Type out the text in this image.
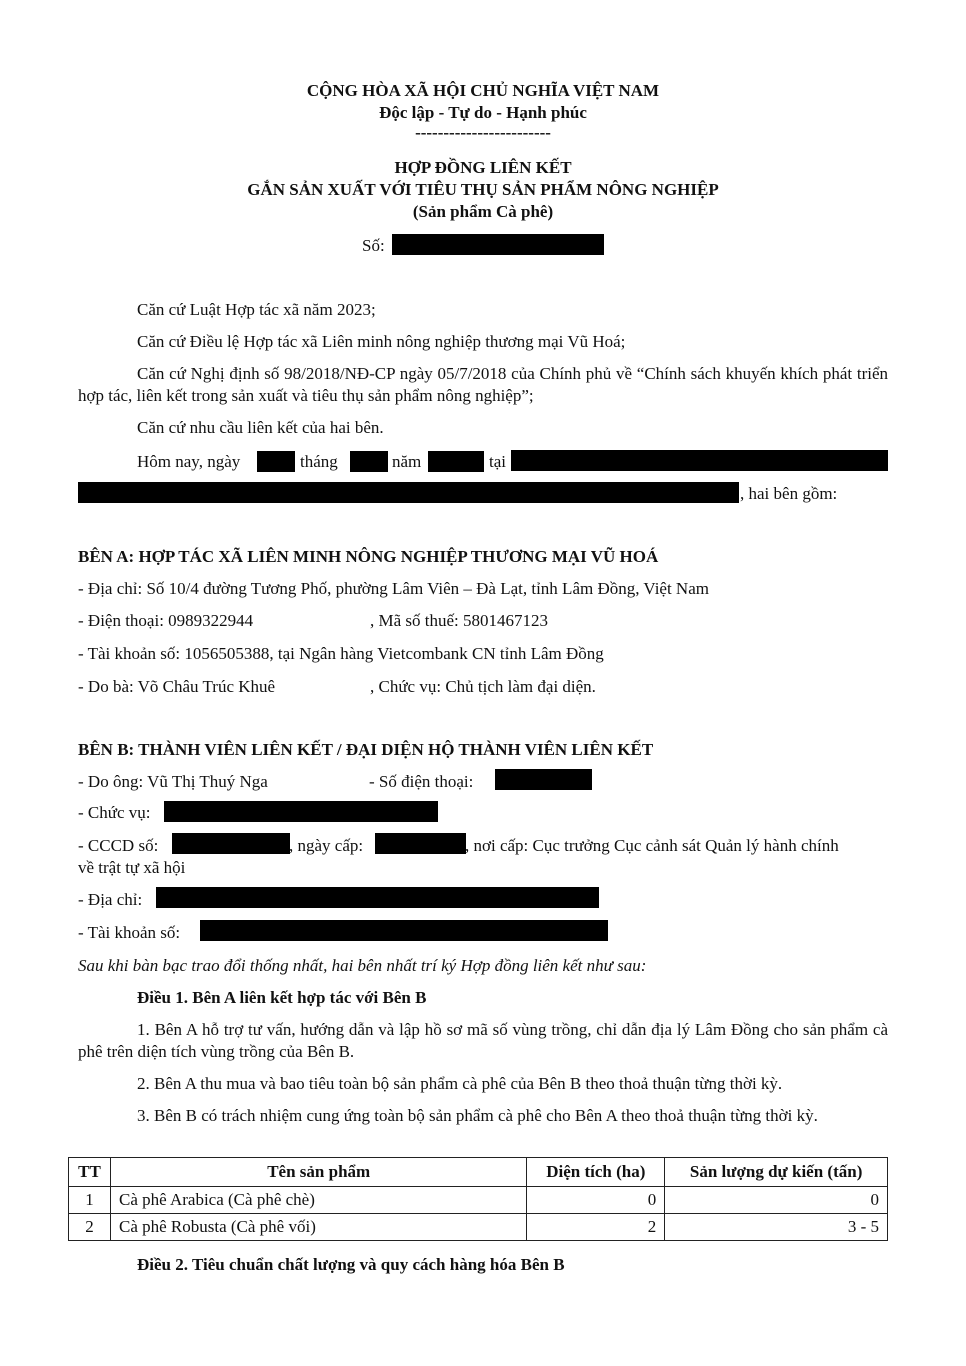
CỘNG HÒA XÃ HỘI CHỦ NGHĨA VIỆT NAM
Độc lập - Tự do - Hạnh phúc
------------------------
HỢP ĐỒNG LIÊN KẾT
GẮN SẢN XUẤT VỚI TIÊU THỤ SẢN PHẨM NÔNG NGHIỆP
(Sản phẩm Cà phê)
Số:
Căn cứ Luật Hợp tác xã năm 2023;
Căn cứ Điều lệ Hợp tác xã Liên minh nông nghiệp thương mại Vũ Hoá;
Căn cứ Nghị định số 98/2018/NĐ-CP ngày 05/7/2018 của Chính phủ về “Chính sách khuyến khích phát triển hợp tác, liên kết trong sản xuất và tiêu thụ sản phẩm nông nghiệp”;
Căn cứ nhu cầu liên kết của hai bên.
Hôm nay, ngày	tháng	năm	tại
, hai bên gồm:
BÊN A: HỢP TÁC XÃ LIÊN MINH NÔNG NGHIỆP THƯƠNG MẠI VŨ HOÁ
- Địa chỉ: Số 10/4 đường Tương Phố, phường Lâm Viên – Đà Lạt, tỉnh Lâm Đồng, Việt Nam
- Điện thoại: 0989322944	, Mã số thuế: 5801467123
- Tài khoản số: 1056505388, tại Ngân hàng Vietcombank CN tỉnh Lâm Đồng
- Do bà: Võ Châu Trúc Khuê	, Chức vụ: Chủ tịch làm đại diện.
BÊN B: THÀNH VIÊN LIÊN KẾT / ĐẠI DIỆN HỘ THÀNH VIÊN LIÊN KẾT
- Do ông: Vũ Thị Thuý Nga	- Số điện thoại:
- Chức vụ:
- CCCD số:	, ngày cấp:	, nơi cấp: Cục trưởng Cục cảnh sát Quản lý hành chính
về trật tự xã hội
- Địa chỉ:
- Tài khoản số:
Sau khi bàn bạc trao đổi thống nhất, hai bên nhất trí ký Hợp đồng liên kết như sau:
Điều 1. Bên A liên kết hợp tác với Bên B
1. Bên A hỗ trợ tư vấn, hướng dẫn và lập hồ sơ mã số vùng trồng, chỉ dẫn địa lý Lâm Đồng cho sản phẩm cà phê trên diện tích vùng trồng của Bên B.
2. Bên A thu mua và bao tiêu toàn bộ sản phẩm cà phê của Bên B theo thoả thuận từng thời kỳ.
3. Bên B có trách nhiệm cung ứng toàn bộ sản phẩm cà phê cho Bên A theo thoả thuận từng thời kỳ.
TT	Tên sản phẩm	Diện tích (ha)	Sản lượng dự kiến (tấn)
1	Cà phê Arabica (Cà phê chè)	0	0
2	Cà phê Robusta (Cà phê vối)	2	3 - 5
Điều 2. Tiêu chuẩn chất lượng và quy cách hàng hóa Bên B
